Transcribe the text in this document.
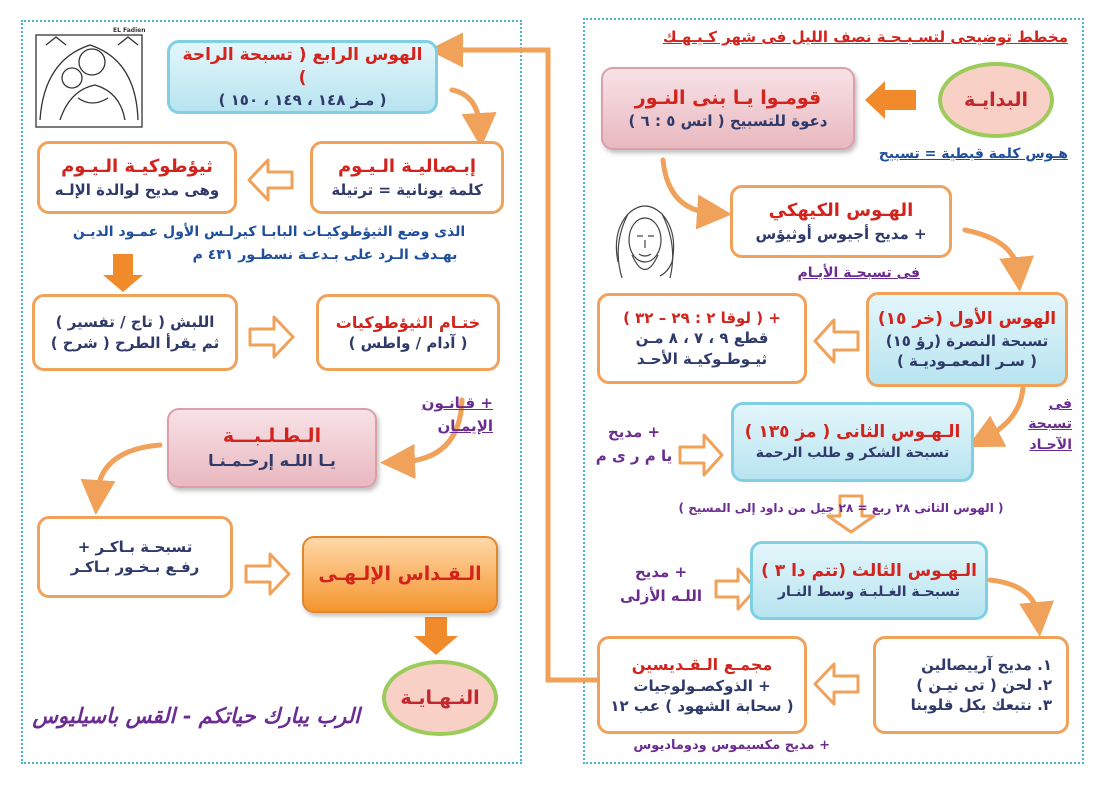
مخطط توضيحى لتسـبـحـة نصف الليل فى شهر كـيـهـك
البدايـة
قومـوا يـا بنى النـور
دعوة للتسبيح ( اتس ٥ : ٦ )
هـوس كلمة قبطية = تسبيح
الهـوس الكيهكي
+ مديح أجيوس أوثيؤس
فى تسبحـة الأيـام
الهوس الأول (خر ١٥)
تسبحة النصرة (رؤ ١٥)
( سـر المعمـوديـة )
+ ( لوقا ٢ : ٢٩ – ٣٢ )
قطع ٩ ، ٧ ، ٨ مـن
ثيـوطـوكيـة الأحـد
فى
تسبحة
الآحـاد
الـهـوس الثانى ( مز ١٣٥ )
تسبحة الشكر و طلب الرحمة
+ مديح
يا م ر ى م
( الهوس الثانى ٢٨ ربع = ٢٨ جيل من داود إلى المسيح )
الـهـوس الثالث (تتم دا ٣ )
تسبحـة الغـلبـة وسط النـار
+ مديح
اللـه الأزلى
١. مديح آرييصالين
٢. لحن ( تى نيـن )
٣. نتبعك بكل قلوبنا
مجمـع الـقـديسين
+ الذوكصـولوجيات
( سحابة الشهود ) عب ١٢
+ مديح مكسيموس ودوماديوس
EL Fadien
الهوس الرابع ( تسبحة الراحة )
( مـز ١٤٨ ، ١٤٩ ، ١٥٠ )
إبـصاليـة الـيـوم
كلمة يونانية = ترتيلة
ثيؤطوكيـة الـيـوم
وهى مديح لوالدة الإلـه
الذى وضع الثيؤطوكيـات البابـا كيرلـس الأول عمـود الديـن
بهـدف الـرد على بـدعـة نسطـور ٤٣١ م
ختـام الثيؤطوكيات
( آدام / واطس )
اللبش ( تاج / تفسير )
ثم يقرأ الطرح ( شرح )
+ قـانـون
الإيمـان
الـطـلـبـــة
يـا اللـه إرحـمـنـا
تسبحـة بـاكـر +
رفـع بـخـور بـاكـر	الـقـداس الإلـهـى
النـهـايـة
الرب يبارك حياتكم - القس باسيليوس
